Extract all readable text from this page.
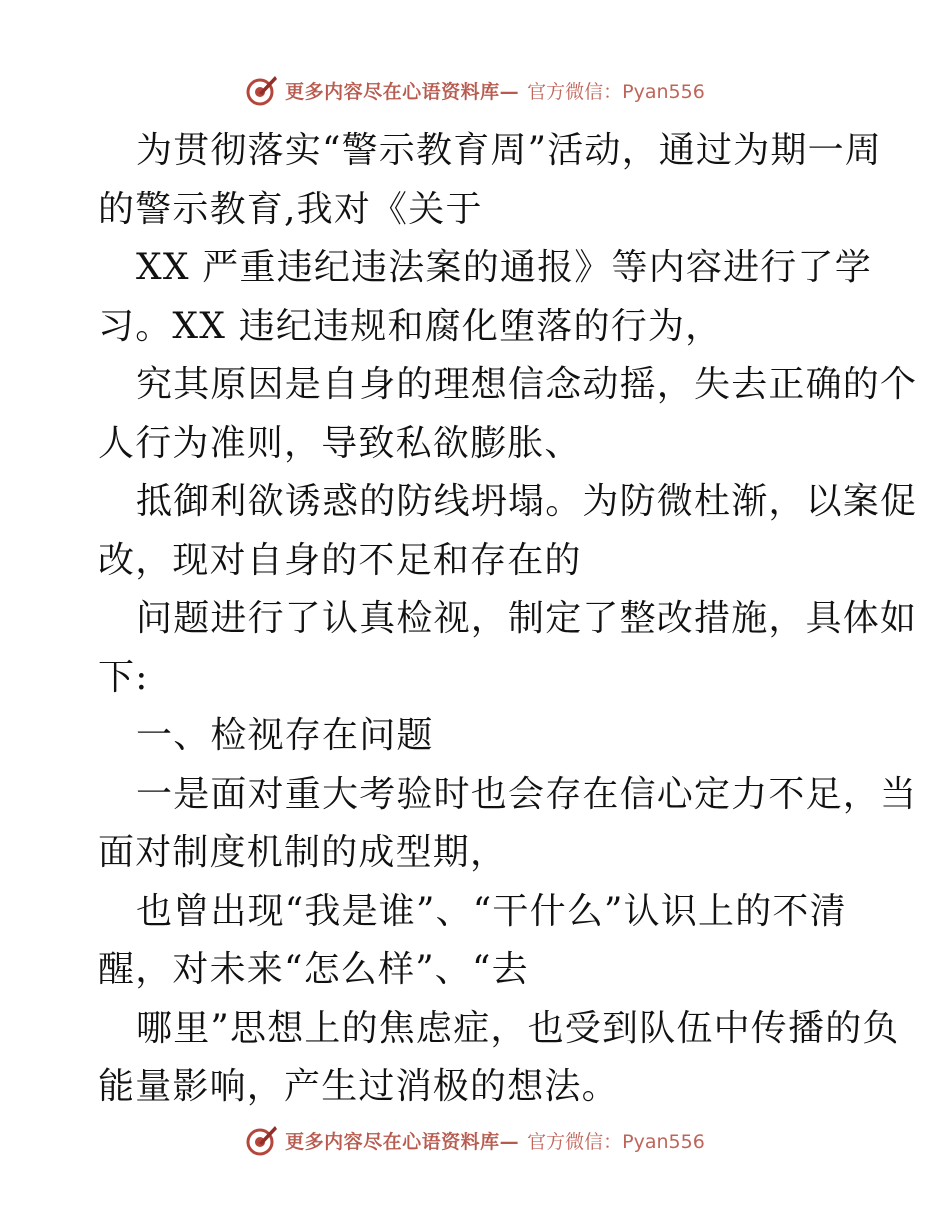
更多内容尽在心语资料库— 官方微信：Pyan556
为贯彻落实“警示教育周”活动，通过为期一周
的警示教育,我对《关于
XX 严重违纪违法案的通报》等内容进行了学
习。XX 违纪违规和腐化堕落的行为，
究其原因是自身的理想信念动摇，失去正确的个
人行为准则，导致私欲膨胀、
抵御利欲诱惑的防线坍塌。为防微杜渐，以案促
改，现对自身的不足和存在的
问题进行了认真检视，制定了整改措施，具体如
下:
一、检视存在问题
一是面对重大考验时也会存在信心定力不足，当
面对制度机制的成型期，
也曾出现“我是谁”、“干什么”认识上的不清
醒，对未来“怎么样”、“去
哪里”思想上的焦虑症，也受到队伍中传播的负
能量影响，产生过消极的想法。
更多内容尽在心语资料库— 官方微信：Pyan556
